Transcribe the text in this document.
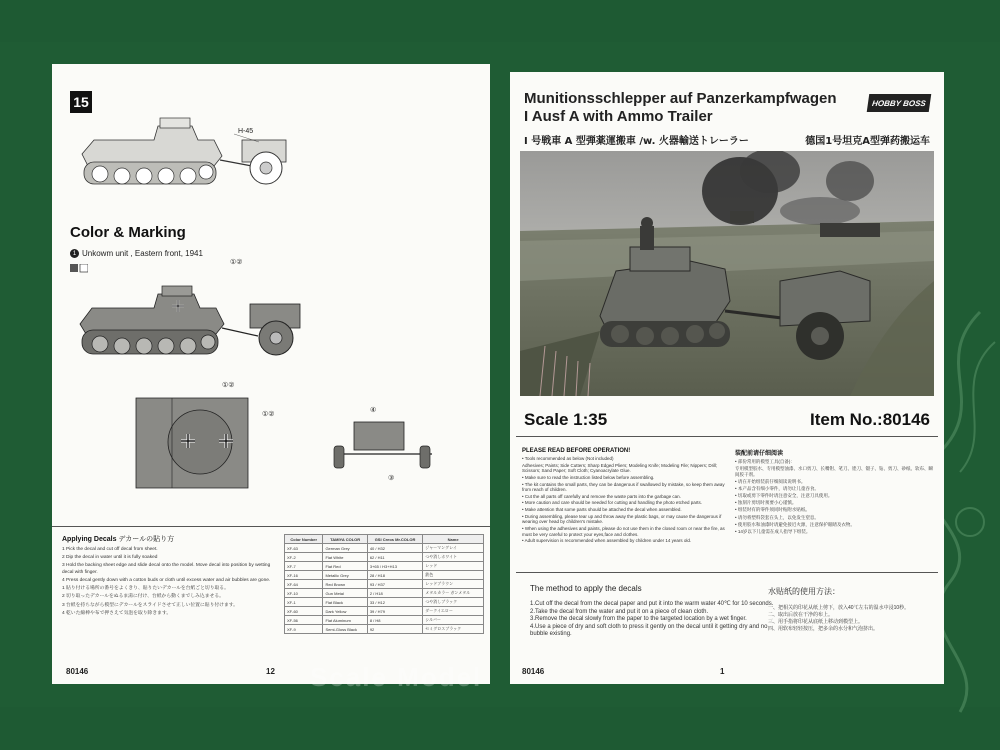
15
H-45
Color & Marking
1 Unkowm unit , Eastern front, 1941
①②
①②
①②
④
③
Applying Decals デカールの貼り方

1 Pick the decal and cut off decal from sheet.

2 Dip the decal in water until it is fully soaked

3 Hold the backing sheet edge and slide decal onto the model. Move decal into position by wetting decal with finger.

4 Press decal gently down with a cotton buds or cloth until excess water and air bubbles are gone.

1 貼り付ける場所の番号をよくきり、貼りたいデカールを台紙ごと切り取る。

2 切り取ったデカールをぬるま湯に付け、台紙から動くまでしみ込ませる。

3 台紙を持ちながら模型にデカールをスライドさせて正しい位置に貼り付けます。

4 乾いた綿棒や布で押さえて気泡を取り除きます。

Color Number	TAMIYA COLOR	GSI Creos Mr.COLOR	Name
XF-63	German Grey	40 / H32	ジャーマングレイ
XF-2	Flat White	62 / H11	つや消しホワイト
XF-7	Flat Red	3+65 / H3+H13	レッド
XF-16	Metallic Grey	28 / H18	鉄色
XF-64	Red Brown	93 / H37	レッドブラウン
XF-10	Gun Metal	2 / H18	メタルカラー ガンメタル
XF-1	Flat Black	33 / H12	つや消しブラック
XF-60	Dark Yellow	39 / H79	ダークイエロー
XF-56	Flat Aluminum	8 / H8	シルバー
XF-9	Semi-Gloss Black	92	セミグロスブラック
80146	12
Munitionsschlepper auf Panzerkampfwagen I Ausf A with Ammo Trailer
HOBBY BOSS
I 号戦車 A 型弾薬運搬車 /w. 火器輸送トレーラー	德国1号坦克A型弹药搬运车
Scale 1:35	Item No.:80146
PLEASE READ BEFORE OPERATION!
• Tools recommended as below (Not included)
Adhesives; Paints; Side Cutters; Sharp Edged Pliers; Modeling Knife; Modeling File; Nippers; Drill; Scissors; Sand Paper; Soft Cloth; Cyanoacrylate Glue.
• Make sure to read the instruction listed below before assembling.
• The kit contains the small parts, they can be dangerous if swallowed by mistake, so keep them away from reach of children.
• Cut the all parts off carefully and remove the waste parts into the garbage can.
• More caution and care should be needed for cutting and handling the photo etched parts.
• Make attention that some parts should be attached the decal when assembled.
• During assembling, please tear up and throw away the plastic bags, or may cause the dangerous if wearing over head by children's mistake.
• When using the adhesives and paints, please do not use them in the closed room or near the fire, as must be very careful to protect your eyes,face and clothes.
• Adult supervision is recommended when assembled by children under 14 years old.
装配前请仔细阅读
• 部份常用的模型工具(自备)：
专用模型胶水、专用模型油漆、水口剪刀、长嘴钳、笔刀、锉刀、镊子、钻、剪刀、砂纸、软布、瞬间胶干剂。
• 请在开始组装前仔细阅读说明书。
• 本产品含有细小零件，请勿让儿童吞食。
• 切取或剪下零件时请注意安全，注意刀具使用。
• 蚀刻片剪切时须要小心谨慎。
• 组装时有的零件须同时贴附水贴纸。
• 请勿将塑料袋套在头上，以免发生窒息。
• 使用胶水和油漆时请避免接近火源，注意保护眼睛及衣物。
• 14岁以下儿童需在成人指导下组装。
The method to apply the decals
1.Cut off the decal from the decal paper and put it into the warm water 40℃ for 10 seconds.
2.Take the decal from the water and put it on a piece of clean cloth.
3.Remove the decal slowly from the paper to the targeted location by a wet finger.
4.Use a piece of dry and soft cloth to press it gently on the decal until it getting dry and no bubble existing.
水贴纸的使用方法：
一、把相关的印花从纸上剪下，放入40℃左右的温水中浸10秒。
二、取出后放在干净的布上。
三、用手指将印花从底纸上移动到模型上。
四、用软布轻轻按压，把多余的水分和气泡挤出。
80146	1
Scale Model
